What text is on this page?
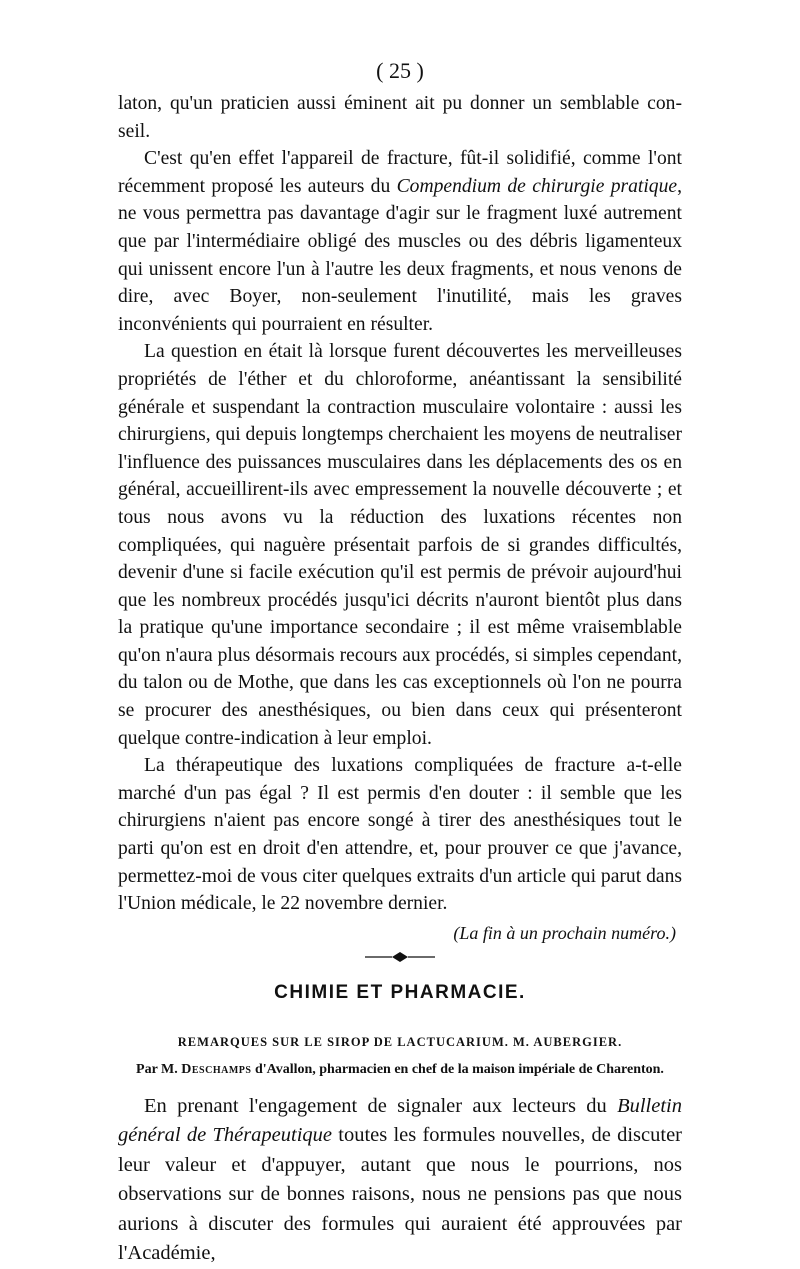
( 25 )

laton, qu'un praticien aussi éminent ait pu donner un semblable con-seil.

C'est qu'en effet l'appareil de fracture, fût-il solidifié, comme l'ont récemment proposé les auteurs du Compendium de chirurgie pratique, ne vous permettra pas davantage d'agir sur le fragment luxé autrement que par l'intermédiaire obligé des muscles ou des débris ligamenteux qui unissent encore l'un à l'autre les deux fragments, et nous venons de dire, avec Boyer, non-seulement l'inutilité, mais les graves inconvénients qui pourraient en résulter.

La question en était là lorsque furent découvertes les merveilleuses propriétés de l'éther et du chloroforme, anéantissant la sensibilité générale et suspendant la contraction musculaire volontaire : aussi les chirurgiens, qui depuis longtemps cherchaient les moyens de neutraliser l'influence des puissances musculaires dans les déplacements des os en général, accueillirent-ils avec empressement la nouvelle découverte ; et tous nous avons vu la réduction des luxations récentes non compliquées, qui naguère présentait parfois de si grandes difficultés, devenir d'une si facile exécution qu'il est permis de prévoir aujourd'hui que les nombreux procédés jusqu'ici décrits n'auront bientôt plus dans la pratique qu'une importance secondaire ; il est même vraisemblable qu'on n'aura plus désormais recours aux procédés, si simples cependant, du talon ou de Mothe, que dans les cas exceptionnels où l'on ne pourra se procurer des anesthésiques, ou bien dans ceux qui présenteront quelque contre-indication à leur emploi.

La thérapeutique des luxations compliquées de fracture a-t-elle marché d'un pas égal ? Il est permis d'en douter : il semble que les chirurgiens n'aient pas encore songé à tirer des anesthésiques tout le parti qu'on est en droit d'en attendre, et, pour prouver ce que j'avance, permettez-moi de vous citer quelques extraits d'un article qui parut dans l'Union médicale, le 22 novembre dernier.

(La fin à un prochain numéro.)
CHIMIE ET PHARMACIE.
REMARQUES SUR LE SIROP DE LACTUCARIUM. M. AUBERGIER.
Par M. Deschamps d'Avallon, pharmacien en chef de la maison impériale de Charenton.

En prenant l'engagement de signaler aux lecteurs du Bulletin général de Thérapeutique toutes les formules nouvelles, de discuter leur valeur et d'appuyer, autant que nous le pourrions, nos observations sur de bonnes raisons, nous ne pensions pas que nous aurions à discuter des formules qui auraient été approuvées par l'Académie,
